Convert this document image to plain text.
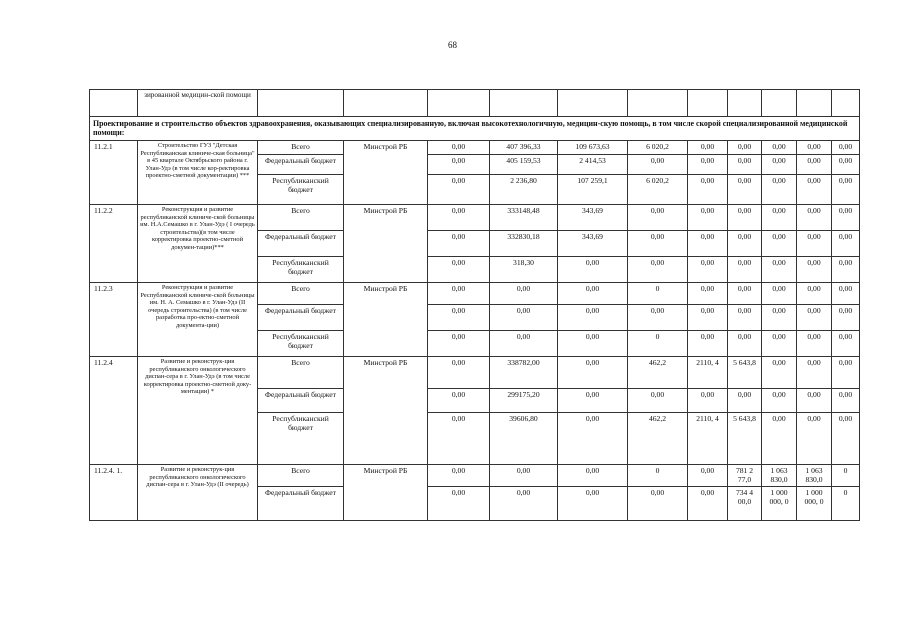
68
	зированной медицин-ской помощи											
Проектирование и строительство объектов здравоохранения, оказывающих специализированную, включая высокотехнологичную, медицин-скую помощь, в том числе скорой специализированной медицинской помощи:												
11.2.1	Строительство ГУЗ "Детская Республиканская клиниче-ская больница" в 45 квартале Октябрьского района г. Улан-Удэ (в том числе кор-ректировка проектно-сметной документации) ***	Всего	Минстрой РБ	0,00	407 396,33	109 673,63	6 020,2	0,00	0,00	0,00	0,00	0,00
		Федеральный бюджет		0,00	405 159,53	2 414,53	0,00	0,00	0,00	0,00	0,00	0,00
		Республиканский бюджет		0,00	2 236,80	107 259,1	6 020,2	0,00	0,00	0,00	0,00	0,00
11.2.2	Реконструкция и развитие республиканской клиниче-ской больницы им. Н.А.Семашко в г. Улан-Удэ ( I очередь строительства)(в том числе корректировка проектно-сметной докумен-тации)***	Всего	Минстрой РБ	0,00	333148,48	343,69	0,00	0,00	0,00	0,00	0,00	0,00
		Федеральный бюджет		0,00	332830,18	343,69	0,00	0,00	0,00	0,00	0,00	0,00
		Республиканский бюджет		0,00	318,30	0,00	0,00	0,00	0,00	0,00	0,00	0,00
11.2.3	Реконструкция и развитие Республиканской клиниче-ской больницы им. Н. А. Семашко в г. Улан-Удэ (II очередь строительства) (в том числе разработка про-ектно-сметной документа-ции)	Всего	Минстрой РБ	0,00	0,00	0,00	0	0,00	0,00	0,00	0,00	0,00
		Федеральный бюджет		0,00	0,00	0,00	0,00	0,00	0,00	0,00	0,00	0,00
		Республиканский бюджет		0,00	0,00	0,00	0	0,00	0,00	0,00	0,00	0,00
11.2.4	Развитие и реконструк-ция республиканского онкологического диспан-сера в г. Улан-Удэ (в том числе корректировка проектно-сметной доку-ментации) *	Всего	Минстрой РБ	0,00	338782,00	0,00	462,2	2110, 4	5 643,8	0,00	0,00	0,00
		Федеральный бюджет		0,00	299175,20	0,00	0,00	0,00	0,00	0,00	0,00	0,00
		Республиканский бюджет		0,00	39606,80	0,00	462,2	2110, 4	5 643,8	0,00	0,00	0,00
11.2.4. 1.	Развитие и реконструк-ция республиканского онкологического диспан-сера в г. Улан-Удэ (II очередь)	Всего	Минстрой РБ	0,00	0,00	0,00	0	0,00	781 2 77,0	1 063 830,0	1 063 830,0	0
		Федеральный бюджет		0,00	0,00	0,00	0,00	0,00	734 4 00,0	1 000 000, 0	1 000 000, 0	0
